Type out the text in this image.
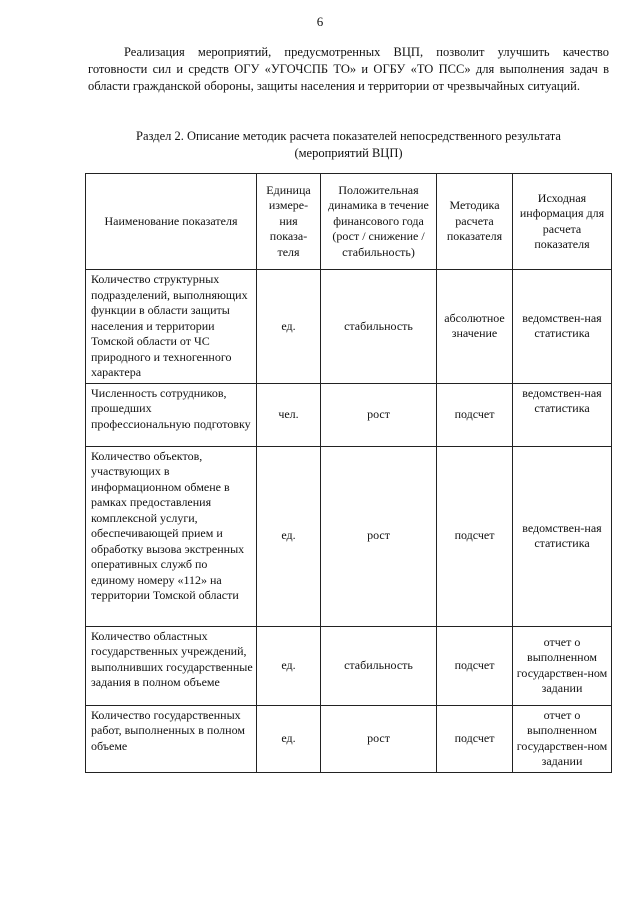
6

Реализация мероприятий, предусмотренных ВЦП, позволит улучшить качество готовности сил и средств ОГУ «УГОЧСПБ ТО» и ОГБУ «ТО ПСС» для выполнения задач в области гражданской обороны, защиты населения и территории от чрезвычайных ситуаций.

Раздел 2. Описание методик расчета показателей непосредственного результата
(мероприятий ВЦП)
Наименование показателя	Единица измере-ния показа-теля	Положительная динамика в течение финансового года (рост / снижение / стабильность)	Методика расчета показателя	Исходная информация для расчета показателя
Количество структурных подразделений, выполняющих функции в области защиты населения и территории Томской области от ЧС природного и техногенного характера	ед.	стабильность	абсолютное значение	ведомствен-ная статистика
Численность сотрудников, прошедших профессиональную подготовку	чел.	рост	подсчет	ведомствен-ная статистика
Количество объектов, участвующих в информационном обмене в рамках предоставления комплексной услуги, обеспечивающей прием и обработку вызова экстренных оперативных служб по единому номеру «112» на территории Томской области	ед.	рост	подсчет	ведомствен-ная статистика
Количество областных государственных учреждений, выполнивших государственные задания в полном объеме	ед.	стабильность	подсчет	отчет о выполненном государствен-ном задании
Количество государственных работ, выполненных в полном объеме	ед.	рост	подсчет	отчет о выполненном государствен-ном задании
